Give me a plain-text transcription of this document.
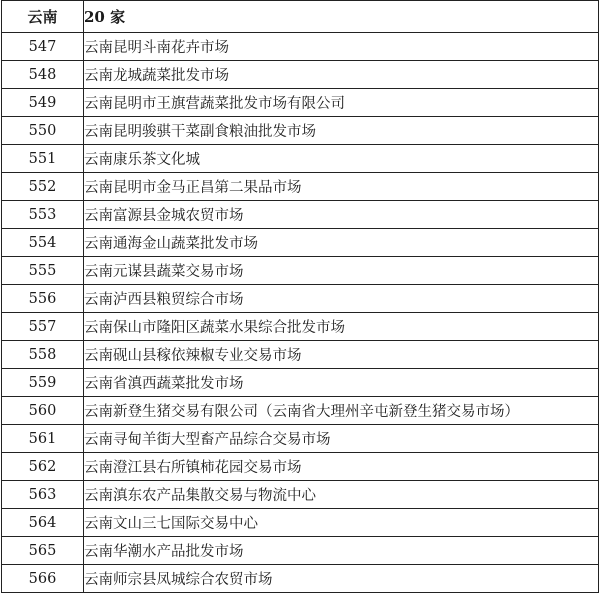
云南	20 家
547	云南昆明斗南花卉市场
548	云南龙城蔬菜批发市场
549	云南昆明市王旗营蔬菜批发市场有限公司
550	云南昆明骏骐干菜副食粮油批发市场
551	云南康乐茶文化城
552	云南昆明市金马正昌第二果品市场
553	云南富源县金城农贸市场
554	云南通海金山蔬菜批发市场
555	云南元谋县蔬菜交易市场
556	云南泸西县粮贸综合市场
557	云南保山市隆阳区蔬菜水果综合批发市场
558	云南砚山县稼依辣椒专业交易市场
559	云南省滇西蔬菜批发市场
560	云南新登生猪交易有限公司（云南省大理州辛屯新登生猪交易市场）
561	云南寻甸羊街大型畜产品综合交易市场
562	云南澄江县右所镇柿花园交易市场
563	云南滇东农产品集散交易与物流中心
564	云南文山三七国际交易中心
565	云南华潮水产品批发市场
566	云南师宗县凤城综合农贸市场
